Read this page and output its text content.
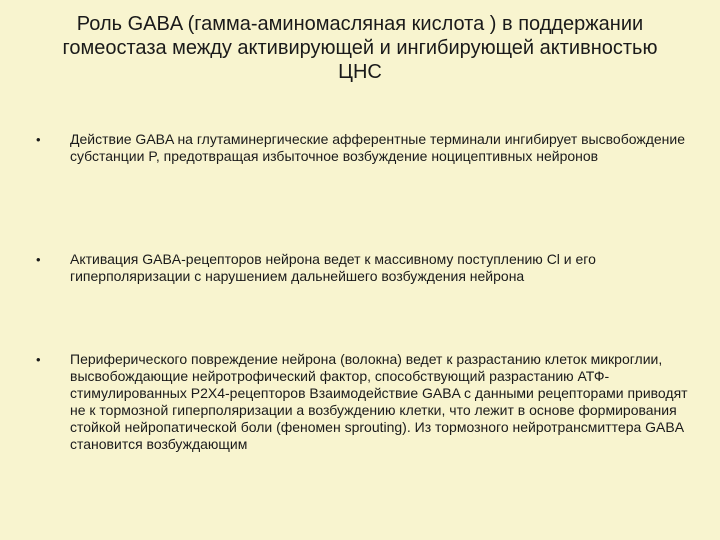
Роль GABA (гамма-аминомасляная кислота ) в поддержании гомеостаза между активирующей и ингибирующей активностью ЦНС
• Действие GABA на глутаминергические афферентные терминали ингибирует высвобождение субстанции P, предотвращая избыточное возбуждение ноцицептивных нейронов
• Активация GABA-рецепторов нейрона ведет к массивному поступлению Cl и его гиперполяризации с нарушением дальнейшего возбуждения нейрона
• Периферического повреждение нейрона (волокна) ведет к разрастанию клеток микроглии, высвобождающие нейротрофический фактор, способствующий разрастанию АТФ-стимулированных P2X4-рецепторов Взаимодействие GABA с данными рецепторами приводят не к тормозной гиперполяризации а возбуждению клетки, что лежит в основе формирования стойкой нейропатической боли (феномен sprouting). Из тормозного нейротрансмиттера GABA становится возбуждающим
